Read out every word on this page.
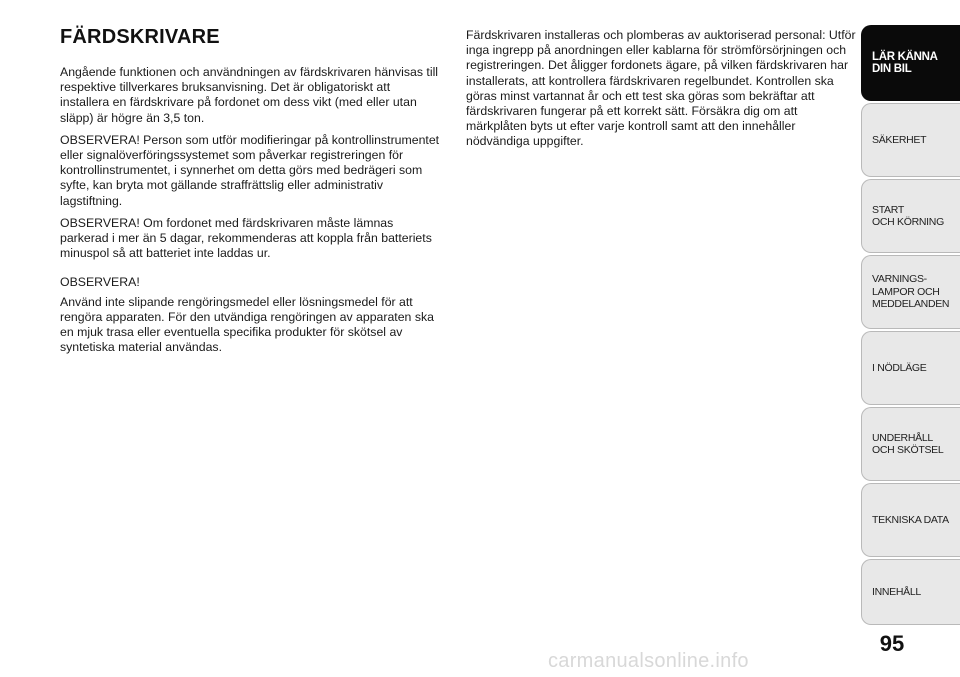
FÄRDSKRIVARE

Angående funktionen och användningen av färdskrivaren hänvisas till respektive tillverkares bruksanvisning. Det är obligatoriskt att installera en färdskrivare på fordonet om dess vikt (med eller utan släpp) är högre än 3,5 ton.

OBSERVERA! Person som utför modifieringar på kontrollinstrumentet eller signalöverföringssystemet som påverkar registreringen för kontrollinstrumentet, i synnerhet om detta görs med bedrägeri som syfte, kan bryta mot gällande straffrättslig eller administrativ lagstiftning.

OBSERVERA! Om fordonet med färdskrivaren måste lämnas parkerad i mer än 5 dagar, rekommenderas att koppla från batteriets minuspol så att batteriet inte laddas ur.

OBSERVERA!

Använd inte slipande rengöringsmedel eller lösningsmedel för att rengöra apparaten. För den utvändiga rengöringen av apparaten ska en mjuk trasa eller eventuella specifika produkter för skötsel av syntetiska material användas.

Färdskrivaren installeras och plomberas av auktoriserad personal: Utför inga ingrepp på anordningen eller kablarna för strömförsörjningen och registreringen. Det åligger fordonets ägare, på vilken färdskrivaren har installerats, att kontrollera färdskrivaren regelbundet. Kontrollen ska göras minst vartannat år och ett test ska göras som bekräftar att färdskrivaren fungerar på ett korrekt sätt. Försäkra dig om att märkplåten byts ut efter varje kontroll samt att den innehåller nödvändiga uppgifter.

LÄR KÄNNA
DIN BIL
SÄKERHET
START
OCH KÖRNING
VARNINGS-
LAMPOR OCH
MEDDELANDEN
I NÖDLÄGE
UNDERHÅLL
OCH SKÖTSEL
TEKNISKA DATA
INNEHÅLL
95
carmanualsonline.info
